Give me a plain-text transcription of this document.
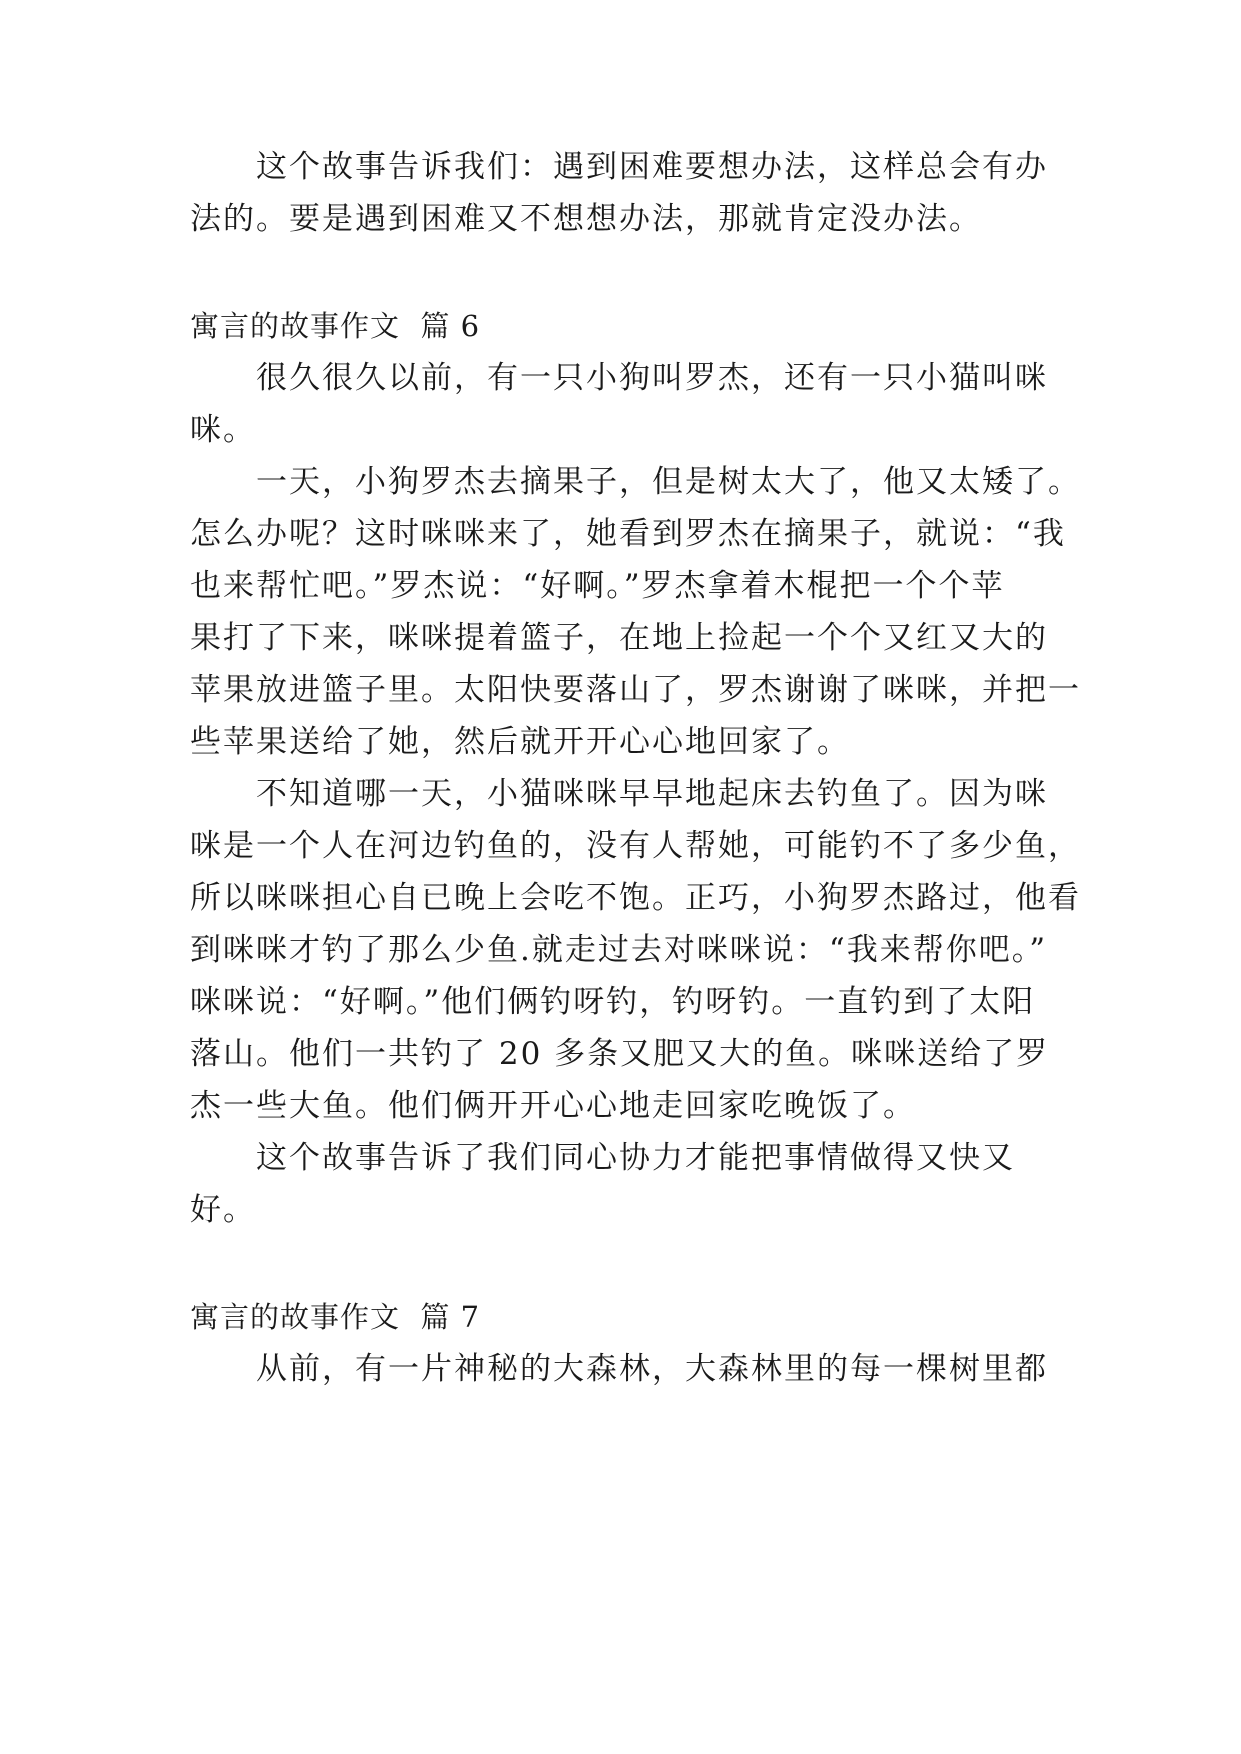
这个故事告诉我们：遇到困难要想办法，这样总会有办
法的。要是遇到困难又不想想办法，那就肯定没办法。
寓言的故事作文  篇 6
很久很久以前，有一只小狗叫罗杰，还有一只小猫叫咪
咪。
一天，小狗罗杰去摘果子，但是树太大了，他又太矮了。
怎么办呢？这时咪咪来了，她看到罗杰在摘果子，就说：“我
也来帮忙吧。”罗杰说：“好啊。”罗杰拿着木棍把一个个苹
果打了下来，咪咪提着篮子，在地上捡起一个个又红又大的
苹果放进篮子里。太阳快要落山了，罗杰谢谢了咪咪，并把一
些苹果送给了她，然后就开开心心地回家了。
不知道哪一天，小猫咪咪早早地起床去钓鱼了。因为咪
咪是一个人在河边钓鱼的，没有人帮她，可能钓不了多少鱼，
所以咪咪担心自已晚上会吃不饱。正巧，小狗罗杰路过，他看
到咪咪才钓了那么少鱼.就走过去对咪咪说：“我来帮你吧。”
咪咪说：“好啊。”他们俩钓呀钓，钓呀钓。一直钓到了太阳
落山。他们一共钓了 20 多条又肥又大的鱼。咪咪送给了罗
杰一些大鱼。他们俩开开心心地走回家吃晚饭了。
这个故事告诉了我们同心协力才能把事情做得又快又
好。
寓言的故事作文  篇 7
从前，有一片神秘的大森林，大森林里的每一棵树里都
